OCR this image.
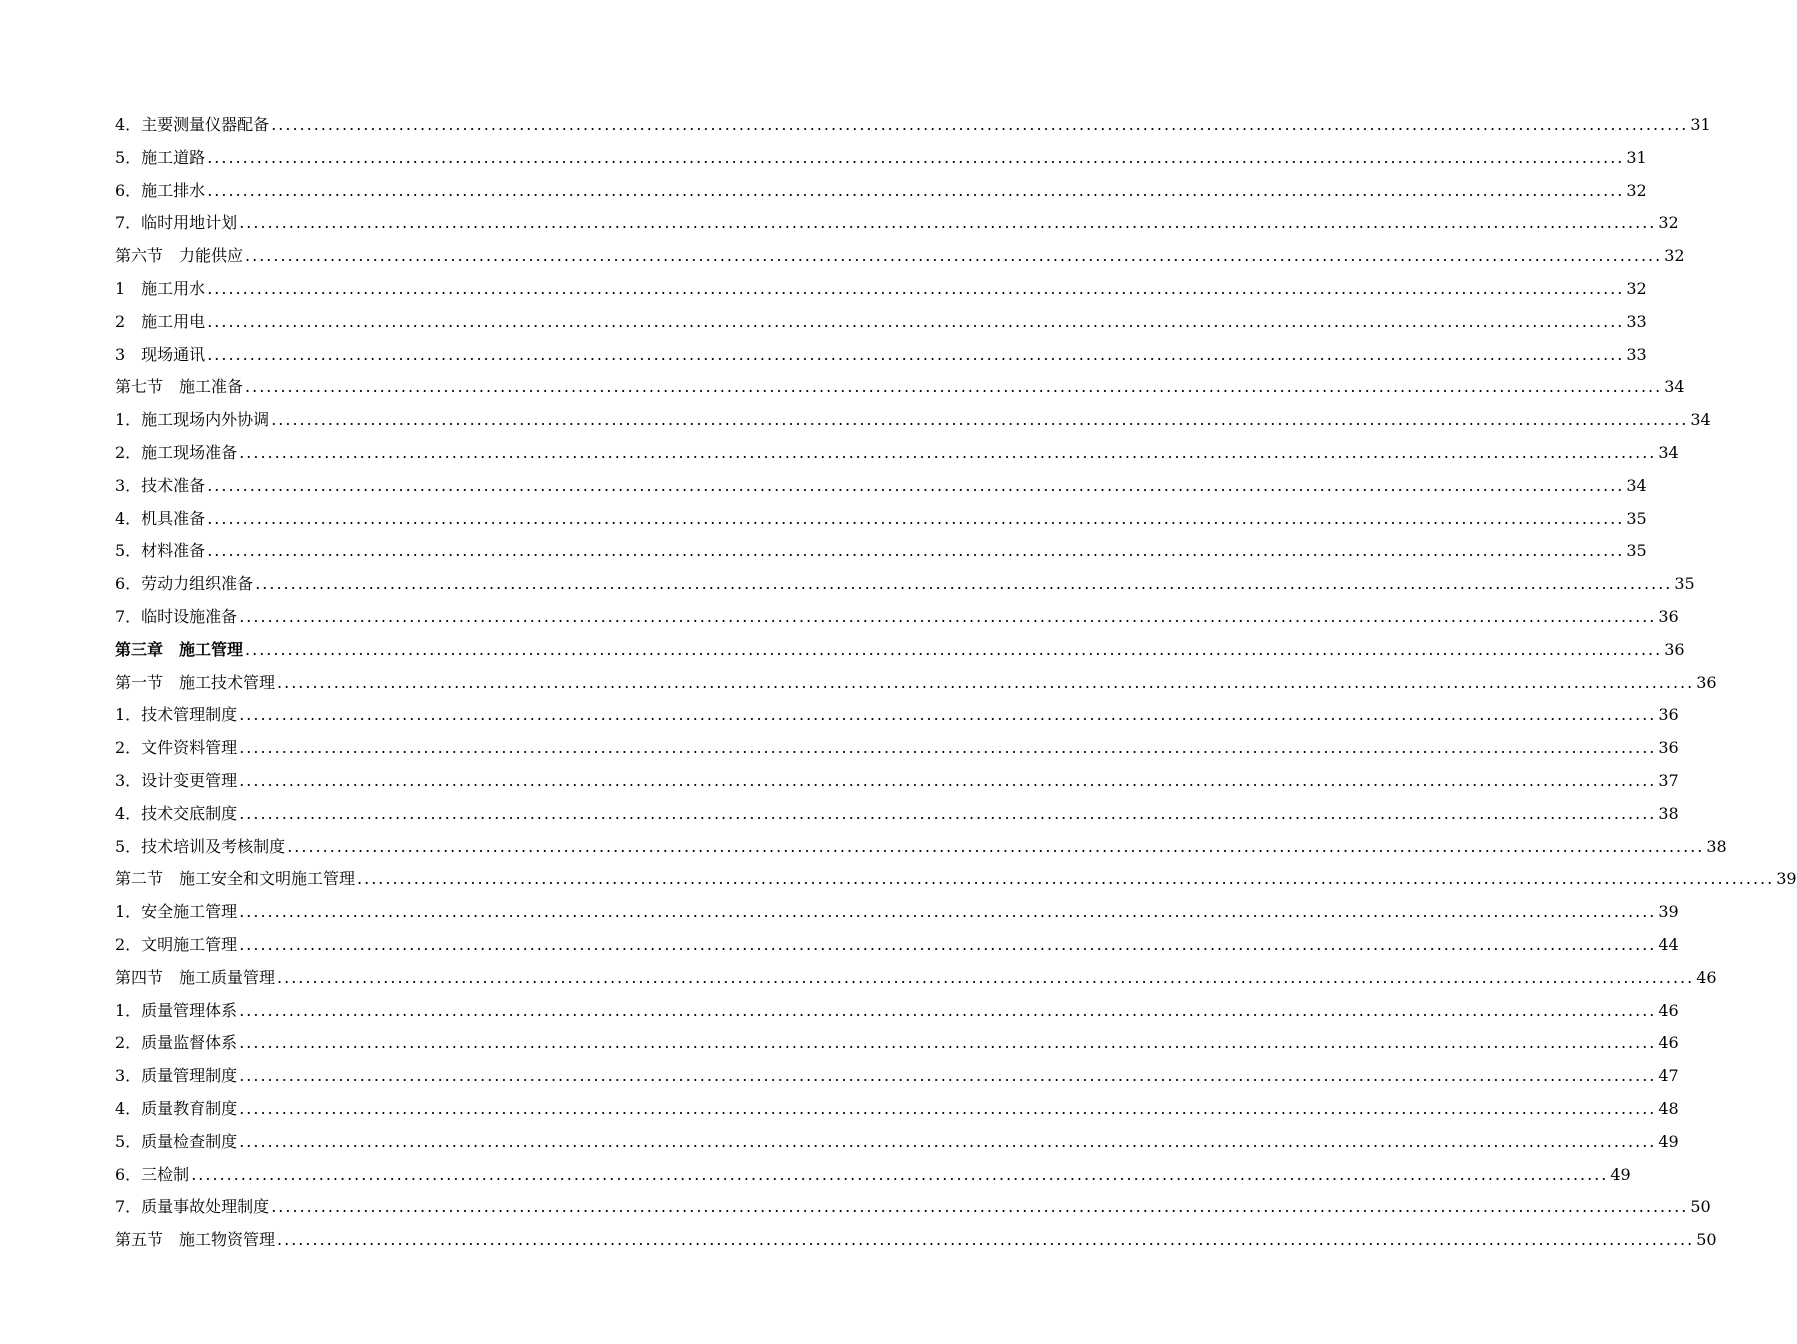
4．主要测量仪器配备 ........................................................................................................................................................................................................ 31
5．施工道路 ........................................................................................................................................................................................................ 31
6．施工排水 ........................................................................................................................................................................................................ 32
7．临时用地计划 ........................................................................................................................................................................................................ 32
第六节　力能供应 ........................................................................................................................................................................................................ 32
1　施工用水 ........................................................................................................................................................................................................ 32
2　施工用电 ........................................................................................................................................................................................................ 33
3　现场通讯 ........................................................................................................................................................................................................ 33
第七节　施工准备 ........................................................................................................................................................................................................ 34
1．施工现场内外协调 ........................................................................................................................................................................................................ 34
2．施工现场准备 ........................................................................................................................................................................................................ 34
3．技术准备 ........................................................................................................................................................................................................ 34
4．机具准备 ........................................................................................................................................................................................................ 35
5．材料准备 ........................................................................................................................................................................................................ 35
6．劳动力组织准备 ........................................................................................................................................................................................................ 35
7．临时设施准备 ........................................................................................................................................................................................................ 36
第三章　施工管理 ........................................................................................................................................................................................................ 36
第一节　施工技术管理 ........................................................................................................................................................................................................ 36
1．技术管理制度 ........................................................................................................................................................................................................ 36
2．文件资料管理 ........................................................................................................................................................................................................ 36
3．设计变更管理 ........................................................................................................................................................................................................ 37
4．技术交底制度 ........................................................................................................................................................................................................ 38
5．技术培训及考核制度 ........................................................................................................................................................................................................ 38
第二节　施工安全和文明施工管理 ........................................................................................................................................................................................................ 39
1．安全施工管理 ........................................................................................................................................................................................................ 39
2．文明施工管理 ........................................................................................................................................................................................................ 44
第四节　施工质量管理 ........................................................................................................................................................................................................ 46
1．质量管理体系 ........................................................................................................................................................................................................ 46
2．质量监督体系 ........................................................................................................................................................................................................ 46
3．质量管理制度 ........................................................................................................................................................................................................ 47
4．质量教育制度 ........................................................................................................................................................................................................ 48
5．质量检查制度 ........................................................................................................................................................................................................ 49
6．三检制 ........................................................................................................................................................................................................ 49
7．质量事故处理制度 ........................................................................................................................................................................................................ 50
第五节　施工物资管理 ........................................................................................................................................................................................................ 50
